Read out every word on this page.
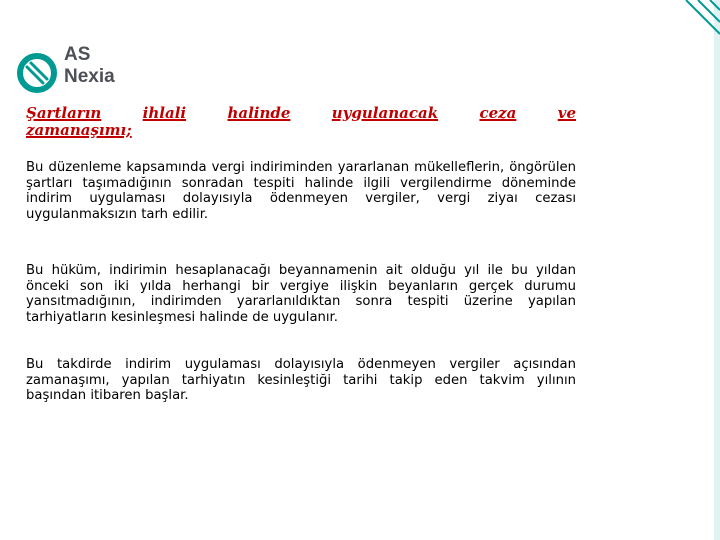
AS
Nexia
Şartların	ihlali	halinde	uygulanacak	ceza	ve
zamanaşımı;

Bu düzenleme kapsamında vergi indiriminden yararlanan mükelleflerin, öngörülen şartları taşımadığının sonradan tespiti halinde ilgili vergilendirme döneminde indirim uygulaması dolayısıyla ödenmeyen vergiler, vergi ziyaı cezası uygulanmaksızın tarh edilir.

Bu hüküm, indirimin hesaplanacağı beyannamenin ait olduğu yıl ile bu yıldan önceki son iki yılda herhangi bir vergiye ilişkin beyanların gerçek durumu yansıtmadığının, indirimden yararlanıldıktan sonra tespiti üzerine yapılan tarhiyatların kesinleşmesi halinde de uygulanır.

Bu takdirde indirim uygulaması dolayısıyla ödenmeyen vergiler açısından zamanaşımı, yapılan tarhiyatın kesinleştiği tarihi takip eden takvim yılının başından itibaren başlar.
